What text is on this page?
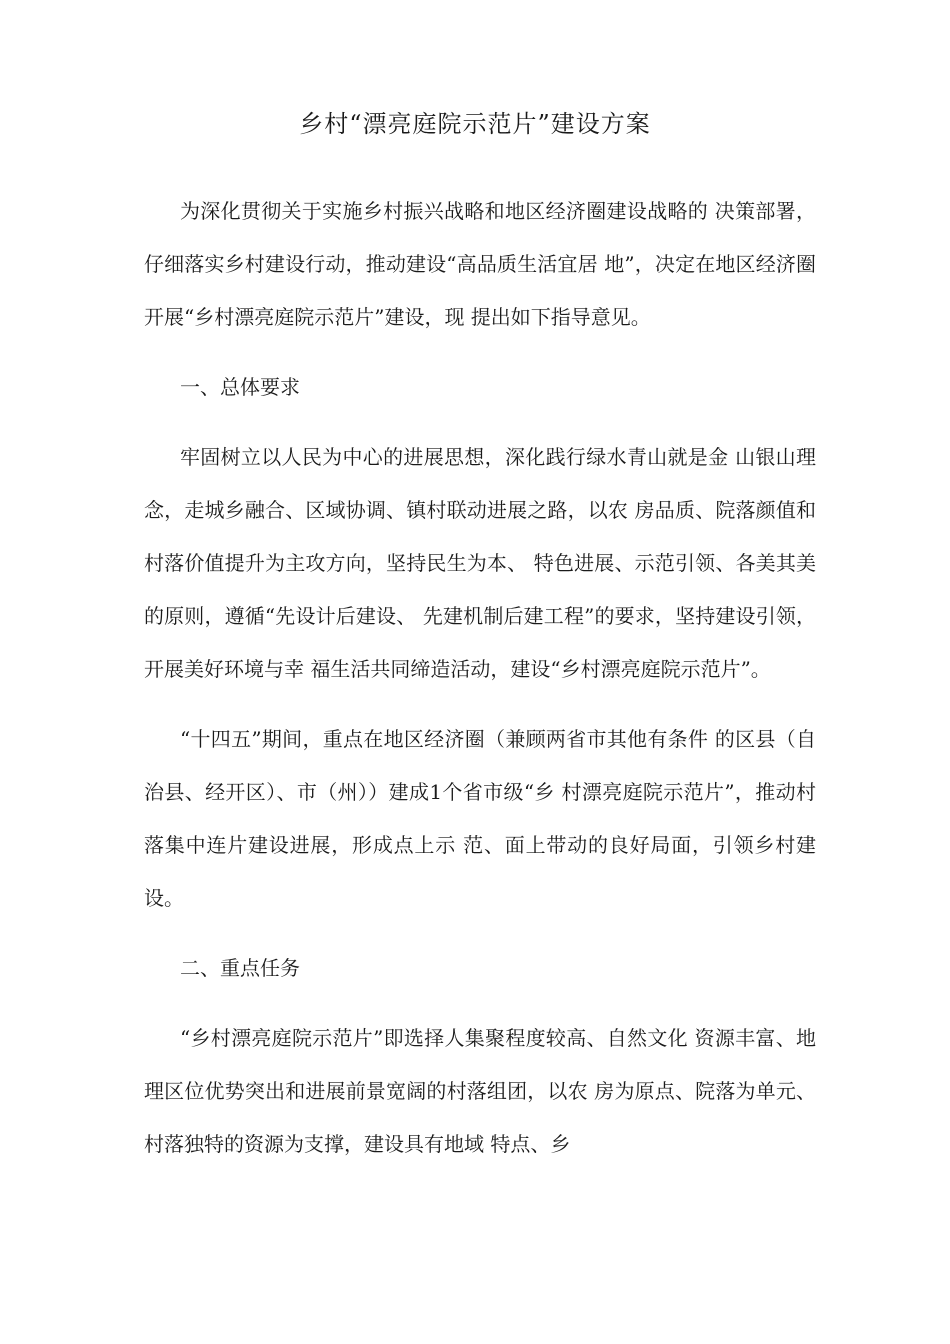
乡村“漂亮庭院示范片”建设方案

为深化贯彻关于实施乡村振兴战略和地区经济圈建设战略的 决策部署，仔细落实乡村建设行动，推动建设“高品质生活宜居 地”，决定在地区经济圈开展“乡村漂亮庭院示范片”建设，现 提出如下指导意见。

一、总体要求

牢固树立以人民为中心的进展思想，深化践行绿水青山就是金 山银山理念，走城乡融合、区域协调、镇村联动进展之路，以农 房品质、院落颜值和村落价值提升为主攻方向，坚持民生为本、 特色进展、示范引领、各美其美的原则，遵循“先设计后建设、 先建机制后建工程”的要求，坚持建设引领，开展美好环境与幸 福生活共同缔造活动，建设“乡村漂亮庭院示范片”。

“十四五”期间，重点在地区经济圈（兼顾两省市其他有条件 的区县（自治县、经开区）、市（州））建成1个省市级“乡 村漂亮庭院示范片”，推动村落集中连片建设进展，形成点上示 范、面上带动的良好局面，引领乡村建设。

二、重点任务

“乡村漂亮庭院示范片”即选择人集聚程度较高、自然文化 资源丰富、地理区位优势突出和进展前景宽阔的村落组团，以农 房为原点、院落为单元、村落独特的资源为支撑，建设具有地域 特点、乡
